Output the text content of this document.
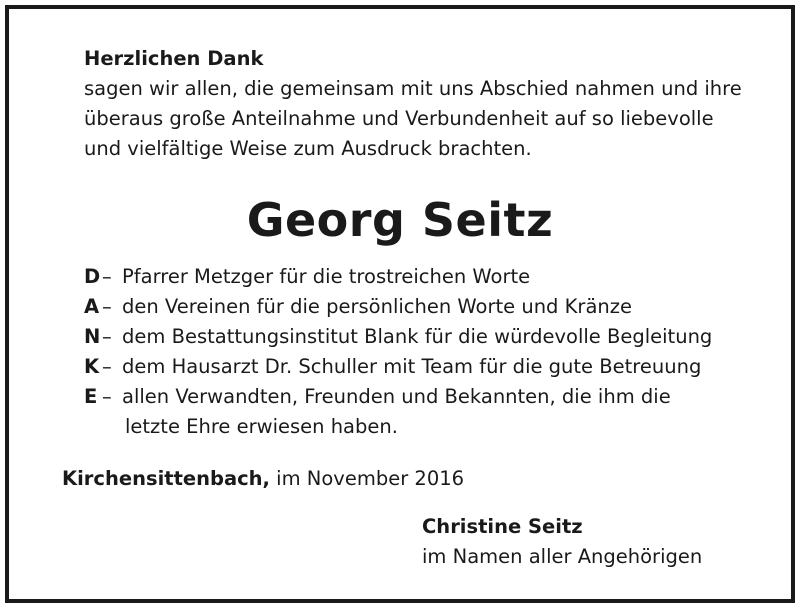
Herzlichen Dank
sagen wir allen, die gemeinsam mit uns Abschied nahmen und ihre
überaus große Anteilnahme und Verbundenheit auf so liebevolle
und vielfältige Weise zum Ausdruck brachten.
Georg Seitz
D – Pfarrer Metzger für die trostreichen Worte
A – den Vereinen für die persönlichen Worte und Kränze
N – dem Bestattungsinstitut Blank für die würdevolle Begleitung
K – dem Hausarzt Dr. Schuller mit Team für die gute Betreuung
E – allen Verwandten, Freunden und Bekannten, die ihm die
letzte Ehre erwiesen haben.
Kirchensittenbach, im November 2016
Christine Seitz
im Namen aller Angehörigen
